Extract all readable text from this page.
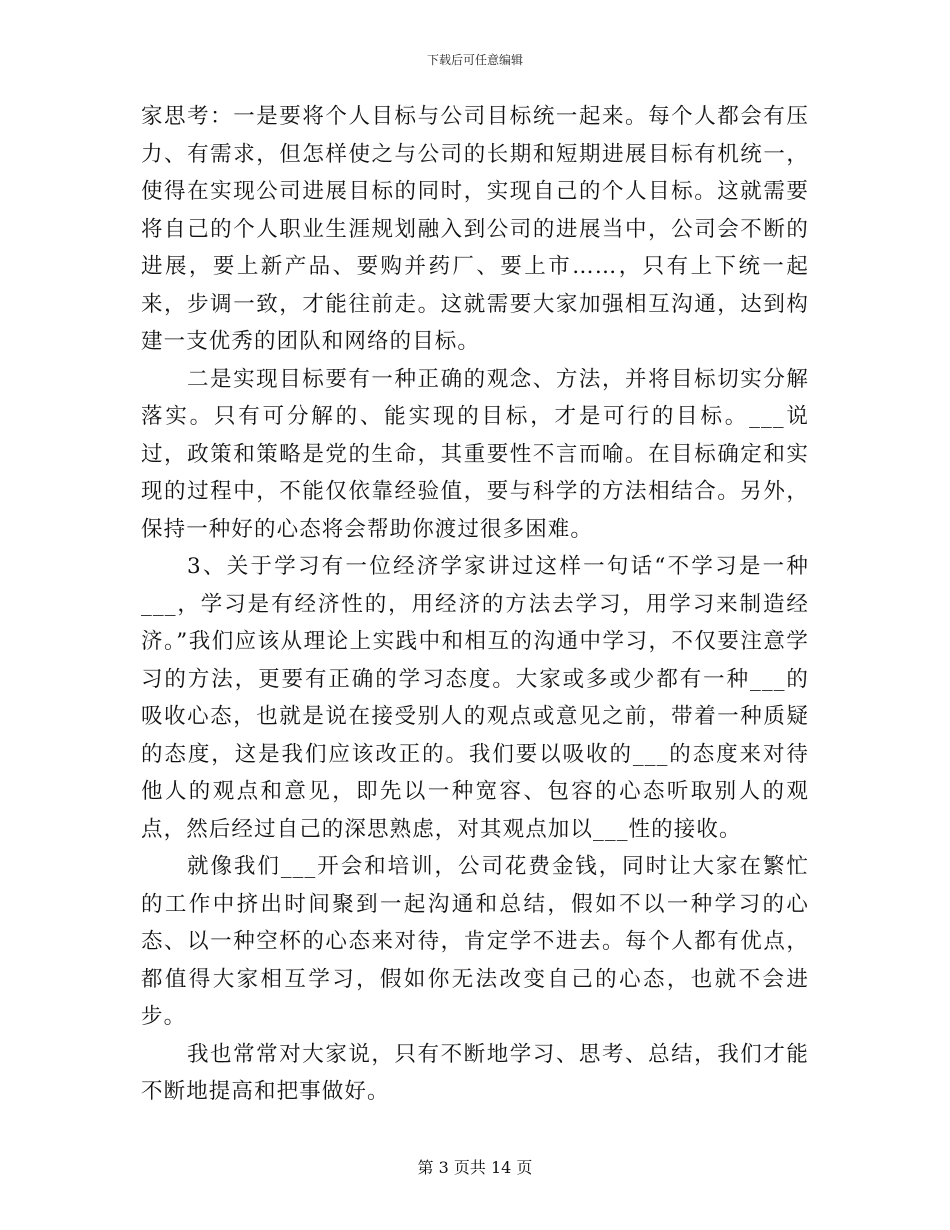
下载后可任意编辑

家思考：一是要将个人目标与公司目标统一起来。每个人都会有压力、有需求，但怎样使之与公司的长期和短期进展目标有机统一，使得在实现公司进展目标的同时，实现自己的个人目标。这就需要将自己的个人职业生涯规划融入到公司的进展当中，公司会不断的进展，要上新产品、要购并药厂、要上市……，只有上下统一起来，步调一致，才能往前走。这就需要大家加强相互沟通，达到构建一支优秀的团队和网络的目标。

二是实现目标要有一种正确的观念、方法，并将目标切实分解落实。只有可分解的、能实现的目标，才是可行的目标。___说过，政策和策略是党的生命，其重要性不言而喻。在目标确定和实现的过程中，不能仅依靠经验值，要与科学的方法相结合。另外，保持一种好的心态将会帮助你渡过很多困难。

3、关于学习有一位经济学家讲过这样一句话“不学习是一种___，学习是有经济性的，用经济的方法去学习，用学习来制造经济。”我们应该从理论上实践中和相互的沟通中学习，不仅要注意学习的方法，更要有正确的学习态度。大家或多或少都有一种___的吸收心态，也就是说在接受别人的观点或意见之前，带着一种质疑的态度，这是我们应该改正的。我们要以吸收的___的态度来对待他人的观点和意见，即先以一种宽容、包容的心态听取别人的观点，然后经过自己的深思熟虑，对其观点加以___性的接收。

就像我们___开会和培训，公司花费金钱，同时让大家在繁忙的工作中挤出时间聚到一起沟通和总结，假如不以一种学习的心态、以一种空杯的心态来对待，肯定学不进去。每个人都有优点，都值得大家相互学习，假如你无法改变自己的心态，也就不会进步。

我也常常对大家说，只有不断地学习、思考、总结，我们才能不断地提高和把事做好。

第 3 页共 14 页
